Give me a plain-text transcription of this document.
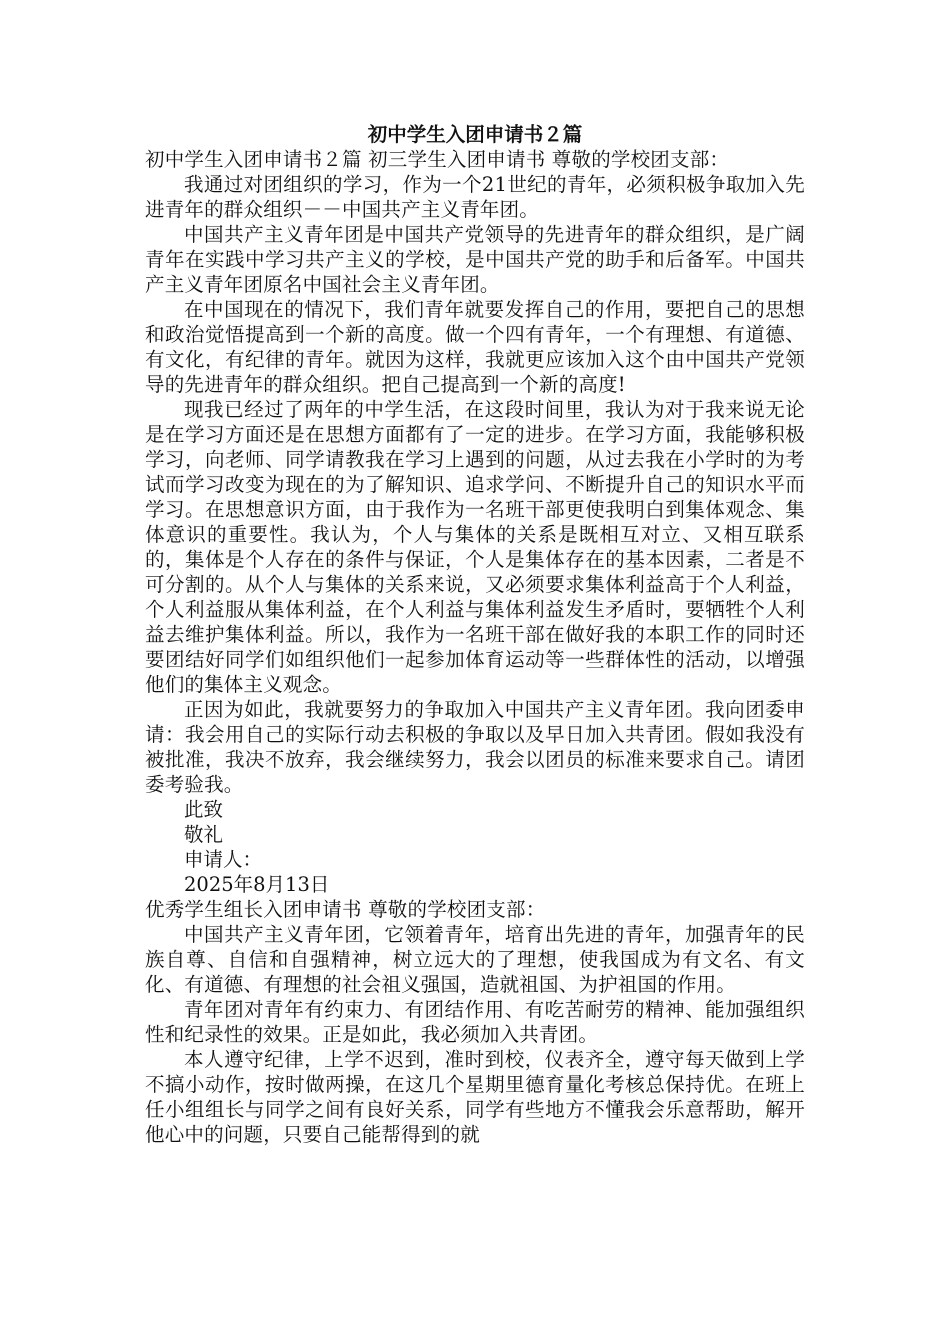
初中学生入团申请书２篇

初中学生入团申请书２篇 初三学生入团申请书 尊敬的学校团支部：

我通过对团组织的学习，作为一个21世纪的青年，必须积极争取加入先进青年的群众组织－－中国共产主义青年团。

中国共产主义青年团是中国共产党领导的先进青年的群众组织，是广阔青年在实践中学习共产主义的学校，是中国共产党的助手和后备军。中国共产主义青年团原名中国社会主义青年团。

在中国现在的情况下，我们青年就要发挥自己的作用，要把自己的思想和政治觉悟提高到一个新的高度。做一个四有青年，一个有理想、有道德、有文化，有纪律的青年。就因为这样，我就更应该加入这个由中国共产党领导的先进青年的群众组织。把自己提高到一个新的高度!

现我已经过了两年的中学生活，在这段时间里，我认为对于我来说无论是在学习方面还是在思想方面都有了一定的进步。在学习方面，我能够积极学习，向老师、同学请教我在学习上遇到的问题，从过去我在小学时的为考试而学习改变为现在的为了解知识、追求学问、不断提升自己的知识水平而学习。在思想意识方面，由于我作为一名班干部更使我明白到集体观念、集体意识的重要性。我认为，个人与集体的关系是既相互对立、又相互联系的，集体是个人存在的条件与保证，个人是集体存在的基本因素，二者是不可分割的。从个人与集体的关系来说，又必须要求集体利益高于个人利益，个人利益服从集体利益，在个人利益与集体利益发生矛盾时，要牺牲个人利益去维护集体利益。所以，我作为一名班干部在做好我的本职工作的同时还要团结好同学们如组织他们一起参加体育运动等一些群体性的活动，以增强他们的集体主义观念。

正因为如此，我就要努力的争取加入中国共产主义青年团。我向团委申请：我会用自己的实际行动去积极的争取以及早日加入共青团。假如我没有被批准，我决不放弃，我会继续努力，我会以团员的标准来要求自己。请团委考验我。

此致

敬礼

申请人：

2025年8月13日

优秀学生组长入团申请书 尊敬的学校团支部：

中国共产主义青年团，它领着青年，培育出先进的青年，加强青年的民族自尊、自信和自强精神，树立远大的了理想，使我国成为有文名、有文化、有道德、有理想的社会祖义强国，造就祖国、为护祖国的作用。

青年团对青年有约束力、有团结作用、有吃苦耐劳的精神、能加强组织性和纪录性的效果。正是如此，我必须加入共青团。

本人遵守纪律，上学不迟到，准时到校，仪表齐全，遵守每天做到上学不搞小动作，按时做两操，在这几个星期里德育量化考核总保持优。在班上任小组组长与同学之间有良好关系，同学有些地方不懂我会乐意帮助，解开他心中的问题，只要自己能帮得到的就
